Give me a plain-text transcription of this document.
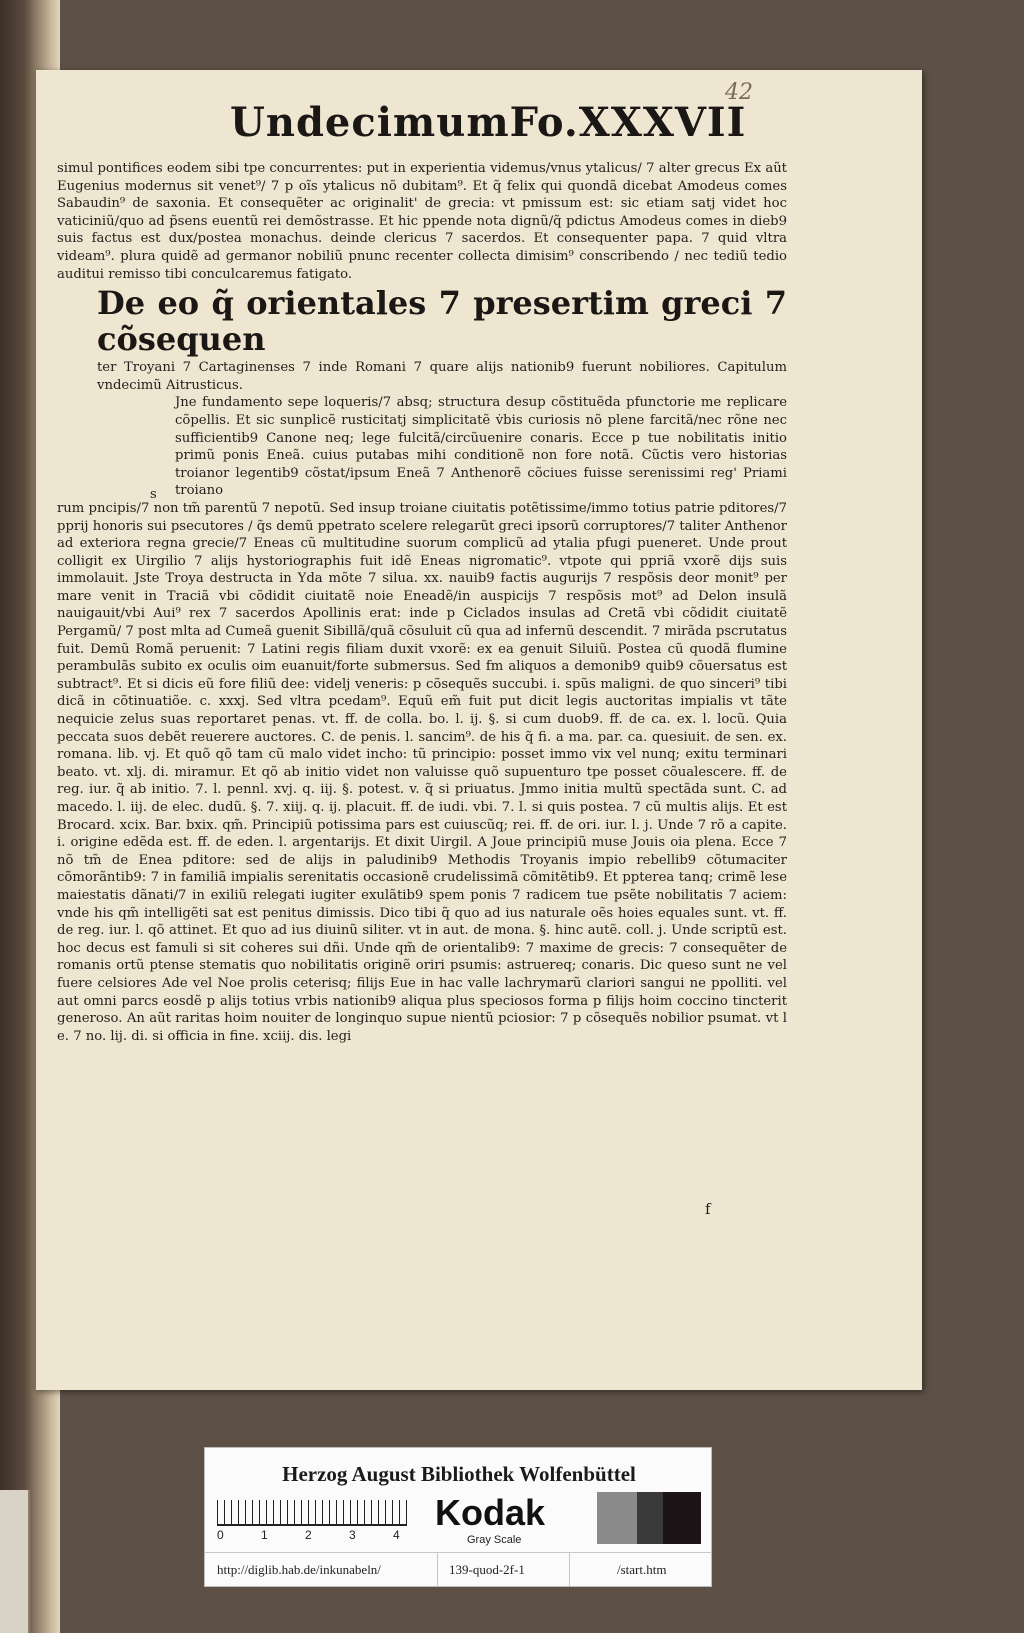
Undecimum Fo.XXXVII
42

simul pontifices eodem sibi tpe concurrentes: put in experientia videmus/vnus ytalicus/ 7 alter grecus Ex aũt Eugenius modernus sit venet⁹/ 7 p oĩs ytalicus nõ dubitam⁹. Et q̃ felix qui quondã dicebat Amodeus comes Sabaudin⁹ de saxonia. Et consequẽter ac originalit' de grecia: vt pmissum est: sic etiam satj videt hoc vaticiniũ/quo ad p̃sens euentũ rei demõstrasse. Et hic ppende nota dignũ/q̃ pdictus Amodeus comes in dieb9 suis factus est dux/postea monachus. deinde clericus 7 sacerdos. Et consequenter papa. 7 quid vltra videam⁹. plura quidẽ ad germanor nobiliũ pnunc recenter collecta dimisim⁹ conscribendo / nec tediũ tedio auditui remisso tibi conculcaremus fatigato.

De eo q̃ orientales 7 presertim greci 7 cõsequen

ter Troyani 7 Cartaginenses 7 inde Romani 7 quare alijs nationib9 fuerunt nobiliores. Capitulum vndecimũ Aitrusticus.

Jne fundamento sepe loqueris/7 absq; structura desup cõstituẽda pfunctorie me replicare cõpellis. Et sic sunplicẽ rusticitatj simplicitatẽ v̇bis curiosis nõ plene farcitã/nec rõne nec sufficientib9 Canone neq; lege fulcitã/circũuenire conaris. Ecce p tue nobilitatis initio primũ ponis Eneã. cuius putabas mihi conditionẽ non fore notã. Cũctis vero historias troianor legentib9 cõstat/ipsum Eneã 7 Anthenorẽ cõciues fuisse serenissimi reg' Priami troiano

rum pncipis/7 non tm̃ parentũ 7 nepotũ. Sed insup troiane ciuitatis potẽtissime/immo totius patrie pditores/7 pprij honoris sui psecutores / q̃s demũ ppetrato scelere relegarũt greci ipsorũ corruptores/7 taliter Anthenor ad exteriora regna grecie/7 Eneas cũ multitudine suorum complicũ ad ytalia pfugi pueneret. Unde prout colligit ex Uirgilio 7 alijs hystoriographis fuit idẽ Eneas nigromatic⁹. vtpote qui ppriã vxorẽ dijs suis immolauit. Jste Troya destructa in Yda mõte 7 silua. xx. nauib9 factis augurijs 7 respõsis deor monit⁹ per mare venit in Traciã vbi cõdidit ciuitatẽ noie Eneadẽ/in auspicijs 7 respõsis mot⁹ ad Delon insulã nauigauit/vbi Aui⁹ rex 7 sacerdos Apollinis erat: inde p Ciclados insulas ad Cretã vbi cõdidit ciuitatẽ Pergamũ/ 7 post mlta ad Cumeã guenit Sibillã/quã cõsuluit cũ qua ad infernũ descendit. 7 mirãda pscrutatus fuit. Demũ Romã peruenit: 7 Latini regis filiam duxit vxorẽ: ex ea genuit Siluiũ. Postea cũ quodã flumine perambulãs subito ex oculis oim euanuit/forte submersus. Sed fm aliquos a demonib9 quib9 cõuersatus est subtract⁹. Et si dicis eũ fore filiũ dee: videlj veneris: p cõsequẽs succubi. i. spũs maligni. de quo sinceri⁹ tibi dicã in cõtinuatiõe. c. xxxj. Sed vltra pcedam⁹. Equũ em̃ fuit put dicit legis auctoritas impialis vt tãte nequicie zelus suas reportaret penas. vt. ff. de colla. bo. l. ij. §. si cum duob9. ff. de ca. ex. l. locũ. Quia peccata suos debẽt reuerere auctores. C. de penis. l. sancim⁹. de his q̃ fi. a ma. par. ca. quesiuit. de sen. ex. romana. lib. vj. Et quõ qõ tam cũ malo videt incho: tũ principio: posset immo vix vel nunq; exitu terminari beato. vt. xlj. di. miramur. Et qõ ab initio videt non valuisse quõ supuenturo tpe posset cõualescere. ff. de reg. iur. q̃ ab initio. 7. l. pennl. xvj. q. iij. §. potest. v. q̃ si priuatus. Jmmo initia multũ spectãda sunt. C. ad macedo. l. iij. de elec. dudũ. §. 7. xiij. q. ij. placuit. ff. de iudi. vbi. 7. l. si quis postea. 7 cũ multis alijs. Et est Brocard. xcix. Bar. bxix. qm̃. Principiũ potissima pars est cuiuscũq; rei. ff. de ori. iur. l. j. Unde 7 rõ a capite. i. origine edẽda est. ff. de eden. l. argentarijs. Et dixit Uirgil. A Joue principiũ muse Jouis oia plena. Ecce 7 nõ tm̃ de Enea pditore: sed de alijs in paludinib9 Methodis Troyanis impio rebellib9 cõtumaciter cõmorãntib9: 7 in familiã impialis serenitatis occasionẽ crudelissimã cõmitẽtib9. Et ppterea tanq; crimẽ lese maiestatis dãnati/7 in exiliũ relegati iugiter exulãtib9 spem ponis 7 radicem tue psẽte nobilitatis 7 aciem: vnde his qm̃ intelligẽti sat est penitus dimissis. Dico tibi q̃ quo ad ius naturale oẽs hoies equales sunt. vt. ff. de reg. iur. l. qõ attinet. Et quo ad ius diuinũ siliter. vt in aut. de mona. §. hinc autẽ. coll. j. Unde scriptũ est. hoc decus est famuli si sit coheres sui dñi. Unde qm̃ de orientalib9: 7 maxime de grecis: 7 consequẽter de romanis ortũ ptense stematis quo nobilitatis originẽ oriri psumis: astruereq; conaris. Dic queso sunt ne vel fuere celsiores Ade vel Noe prolis ceterisq; filijs Eue in hac valle lachrymarũ clariori sangui ne ppolliti. vel aut omni parcs eosdẽ p alijs totius vrbis nationib9 aliqua plus speciosos forma p filijs hoim coccino tincterit generoso. An aũt raritas hoim nouiter de longinquo supue nientũ pciosior: 7 p cõsequẽs nobilior psumat. vt l e. 7 no. lij. di. si officia in fine. xciij. dis. legi

s
f
Herzog August Bibliothek Wolfenbüttel
0	1	2	3	4
Kodak
Gray Scale
http://diglib.hab.de/inkunabeln/	139-quod-2f-1	/start.htm
